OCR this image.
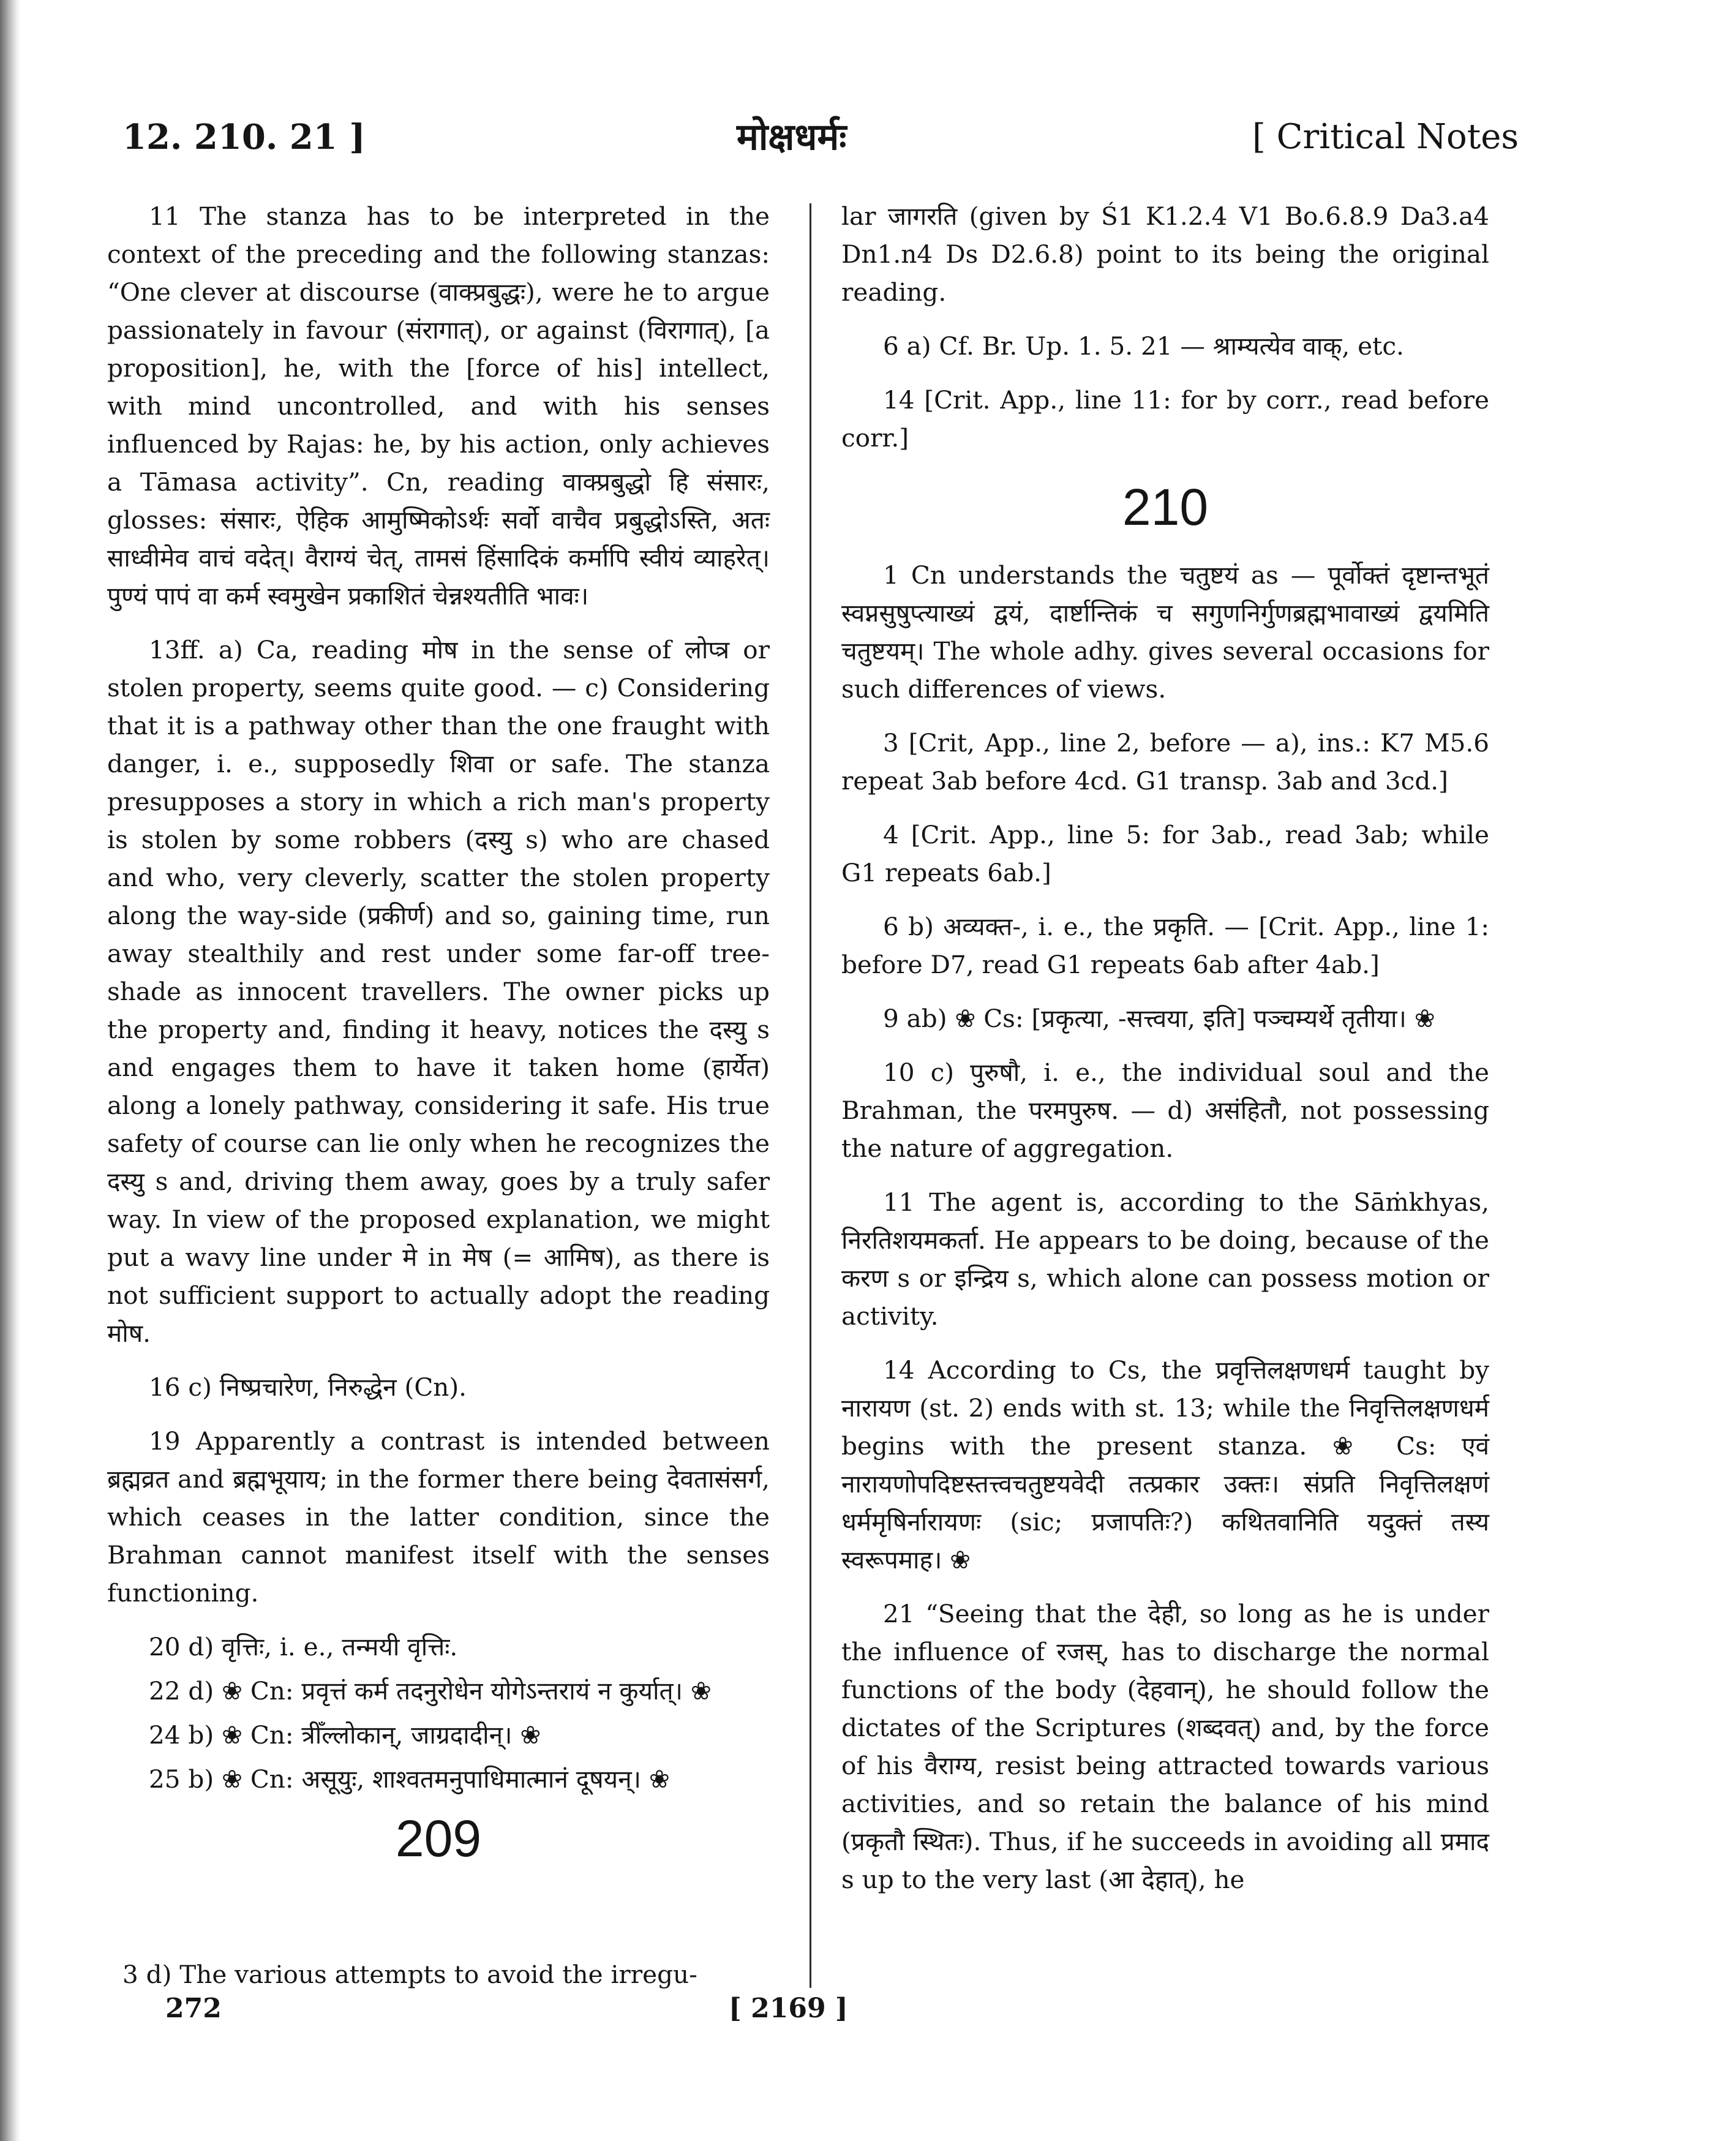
12. 210. 21 ]	मोक्षधर्मः	[ Critical Notes

11 The stanza has to be interpreted in the context of the preceding and the following stanzas: “One clever at discourse (वाक्प्रबुद्धः), were he to argue passionately in favour (संरागात्), or against (विरागात्), [a proposition], he, with the [force of his] intellect, with mind uncontrolled, and with his senses influenced by Rajas: he, by his action, only achieves a Tāmasa activity”. Cn, reading वाक्प्रबुद्धो हि संसारः, glosses: संसारः, ऐहिक आमुष्मिकोऽर्थः सर्वो वाचैव प्रबुद्धोऽस्ति, अतः साध्वीमेव वाचं वदेत्। वैराग्यं चेत्, तामसं हिंसादिकं कर्मापि स्वीयं व्याहरेत्। पुण्यं पापं वा कर्म स्वमुखेन प्रकाशितं चेन्नश्यतीति भावः।

13ff. a) Ca, reading मोष in the sense of लोप्त्र or stolen property, seems quite good. — c) Considering that it is a pathway other than the one fraught with danger, i. e., supposedly शिवा or safe. The stanza presupposes a story in which a rich man's property is stolen by some robbers (दस्यु s) who are chased and who, very cleverly, scatter the stolen property along the way-side (प्रकीर्ण) and so, gaining time, run away stealthily and rest under some far-off tree-shade as innocent travellers. The owner picks up the property and, finding it heavy, notices the दस्यु s and engages them to have it taken home (हार्येत) along a lonely pathway, considering it safe. His true safety of course can lie only when he recognizes the दस्यु s and, driving them away, goes by a truly safer way. In view of the proposed explanation, we might put a wavy line under मे in मेष (= आमिष), as there is not sufficient support to actually adopt the reading मोष.

16 c) निष्प्रचारेण, निरुद्धेन (Cn).

19 Apparently a contrast is intended between ब्रह्मव्रत and ब्रह्मभूयाय; in the former there being देवतासंसर्ग, which ceases in the latter condition, since the Brahman cannot manifest itself with the senses functioning.

20 d) वृत्तिः, i. e., तन्मयी वृत्तिः.

22 d) ❀ Cn: प्रवृत्तं कर्म तदनुरोधेन योगेऽन्तरायं न कुर्यात्। ❀

24 b) ❀ Cn: त्रीँल्लोकान्, जाग्रदादीन्। ❀

25 b) ❀ Cn: असूयुः, शाश्वतमनुपाधिमात्मानं दूषयन्। ❀

209
3 d) The various attempts to avoid the irregu-

lar जागरति (given by Ś1 K1.2.4 V1 Bo.6.8.9 Da3.a4 Dn1.n4 Ds D2.6.8) point to its being the original reading.

6 a) Cf. Br. Up. 1. 5. 21 — श्राम्यत्येव वाक्, etc.

14 [Crit. App., line 11: for by corr., read before corr.]

210

1 Cn understands the चतुष्टयं as — पूर्वोक्तं दृष्टान्तभूतं स्वप्नसुषुप्त्याख्यं द्वयं, दार्ष्टान्तिकं च सगुणनिर्गुणब्रह्मभावाख्यं द्वयमिति चतुष्टयम्। The whole adhy. gives several occasions for such differences of views.

3 [Crit, App., line 2, before — a), ins.: K7 M5.6 repeat 3ab before 4cd. G1 transp. 3ab and 3cd.]

4 [Crit. App., line 5: for 3ab., read 3ab; while G1 repeats 6ab.]

6 b) अव्यक्त-, i. e., the प्रकृति. — [Crit. App., line 1: before D7, read G1 repeats 6ab after 4ab.]

9 ab) ❀ Cs: [प्रकृत्या, -सत्त्वया, इति] पञ्चम्यर्थे तृतीया। ❀

10 c) पुरुषौ, i. e., the individual soul and the Brahman, the परमपुरुष. — d) असंहितौ, not possessing the nature of aggregation.

11 The agent is, according to the Sāṁkhyas, निरतिशयमकर्ता. He appears to be doing, because of the करण s or इन्द्रिय s, which alone can possess motion or activity.

14 According to Cs, the प्रवृत्तिलक्षणधर्म taught by नारायण (st. 2) ends with st. 13; while the निवृत्तिलक्षणधर्म begins with the present stanza. ❀ Cs: एवं नारायणोपदिष्टस्तत्त्वचतुष्टयवेदी तत्प्रकार उक्तः। संप्रति निवृत्तिलक्षणं धर्ममृषिर्नारायणः (sic; प्रजापतिः?) कथितवानिति यदुक्तं तस्य स्वरूपमाह। ❀

21 “Seeing that the देही, so long as he is under the influence of रजस्, has to discharge the normal functions of the body (देहवान्), he should follow the dictates of the Scriptures (शब्दवत्) and, by the force of his वैराग्य, resist being attracted towards various activities, and so retain the balance of his mind (प्रकृतौ स्थितः). Thus, if he succeeds in avoiding all प्रमाद s up to the very last (आ देहात्), he

272	[ 2169 ]
